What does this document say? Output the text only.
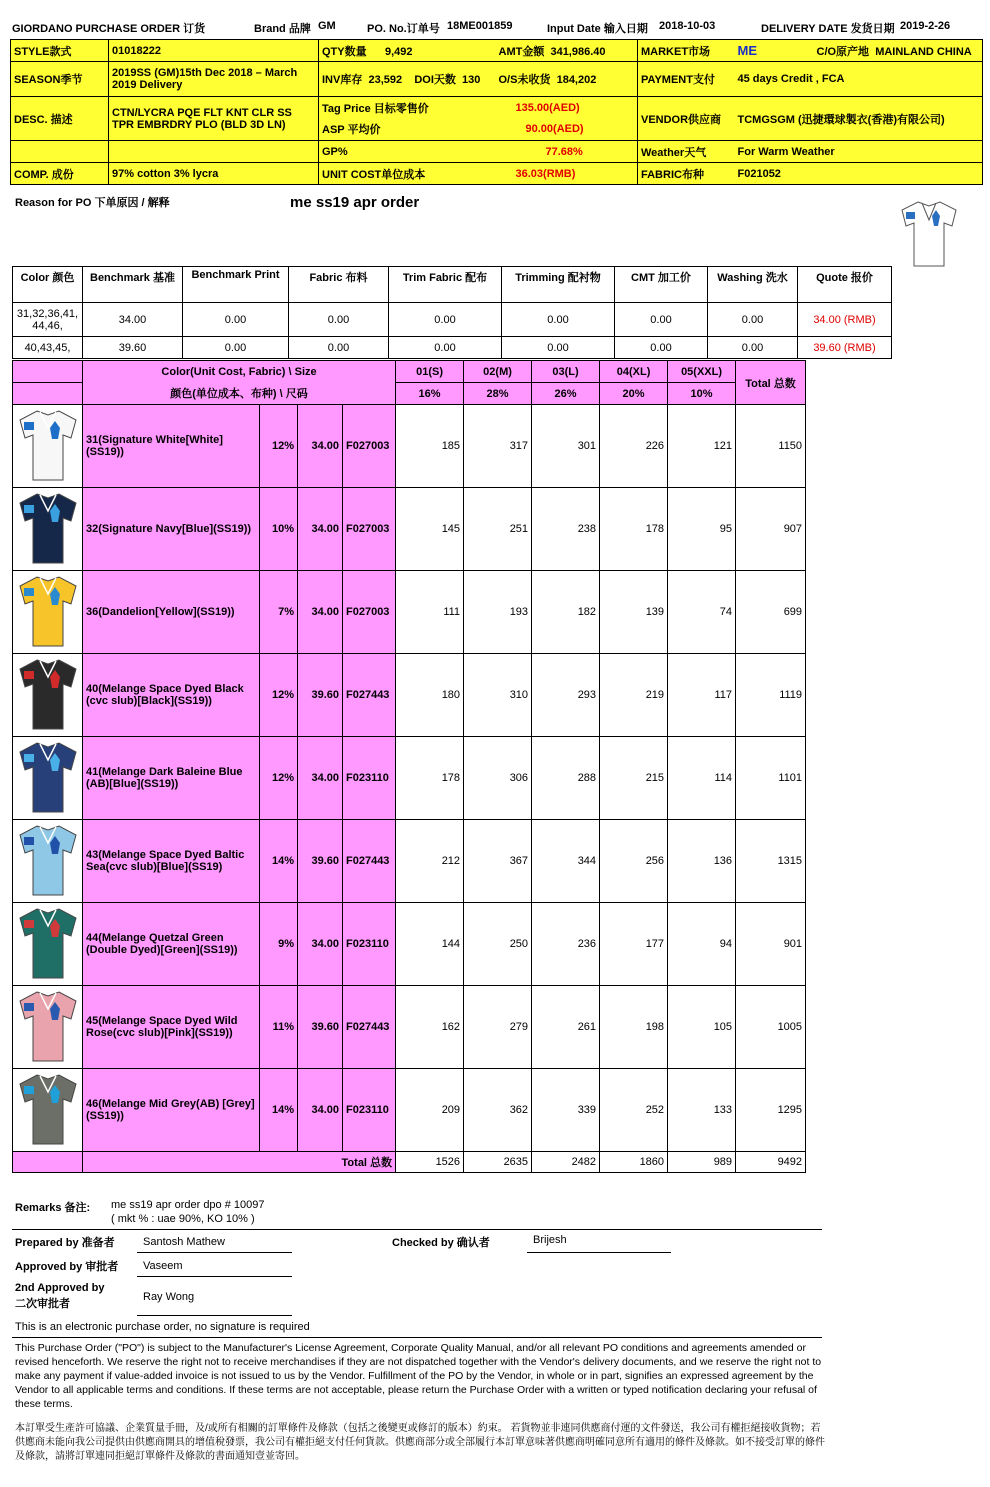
GIORDANO PURCHASE ORDER 订货	Brand 品牌 GM	PO. No.订单号 18ME001859	Input Date 输入日期 2018-10-03	DELIVERY DATE 发货日期 2019-2-26
STYLE款式	01018222	QTY数量 9,492	AMT金额 341,986.40	MARKET市场	ME	C/O原产地 MAINLAND CHINA
SEASON季节	2019SS (GM)15th Dec 2018 – March 2019 Delivery	INV库存 23,592 DOI天数 130	O/S未收货 184,202	PAYMENT支付	45 days Credit , FCA	
DESC. 描述	CTN/LYCRA PQE FLT KNT CLR SS TPR EMBRDRY PLO (BLD 3D LN)	Tag Price 目标零售价	135.00(AED)	VENDOR供应商	TCMGSGM (迅捷環球製衣(香港)有限公司)	
		ASP 平均价	90.00(AED)			
		GP%	77.68%	Weather天气	For Warm Weather	
COMP. 成份	97% cotton 3% lycra	UNIT COST单位成本	36.03(RMB)	FABRIC布种	F021052	
Reason for PO 下单原因 / 解释	me ss19 apr order
Color 颜色	Benchmark 基准	Benchmark Print	Fabric 布料	Trim Fabric 配布	Trimming 配衬物	CMT 加工价	Washing 洗水	Quote 报价
31,32,36,41, 44,46,	34.00	0.00	0.00	0.00	0.00	0.00	0.00	34.00 (RMB)
40,43,45,	39.60	0.00	0.00	0.00	0.00	0.00	0.00	39.60 (RMB)
	Color(Unit Cost, Fabric) \ Size				01(S)	02(M)	03(L)	04(XL)	05(XXL)	Total 总数
	颜色(单位成本、布种) \ 尺码				16%	28%	26%	20%	10%	
	31(Signature White[White](SS19))	12%	34.00	F027003	185	317	301	226	121	1150
	32(Signature Navy[Blue](SS19))	10%	34.00	F027003	145	251	238	178	95	907
	36(Dandelion[Yellow](SS19))	7%	34.00	F027003	111	193	182	139	74	699
	40(Melange Space Dyed Black (cvc slub)[Black](SS19))	12%	39.60	F027443	180	310	293	219	117	1119
	41(Melange Dark Baleine Blue (AB)[Blue](SS19))	12%	34.00	F023110	178	306	288	215	114	1101
	43(Melange Space Dyed Baltic Sea(cvc slub)[Blue](SS19)	14%	39.60	F027443	212	367	344	256	136	1315
	44(Melange Quetzal Green (Double Dyed)[Green](SS19))	9%	34.00	F023110	144	250	236	177	94	901
	45(Melange Space Dyed Wild Rose(cvc slub)[Pink](SS19))	11%	39.60	F027443	162	279	261	198	105	1005
	46(Melange Mid Grey(AB) [Grey](SS19))	14%	34.00	F023110	209	362	339	252	133	1295
	Total 总数				1526	2635	2482	1860	989	9492
Remarks 备注: me ss19 apr order dpo # 10097
( mkt % : uae 90%, KO 10% )
Prepared by 准备者	Santosh Mathew	Checked by 确认者	Brijesh
Approved by 审批者 Vaseem
2nd Approved by
二次审批者
Ray Wong
This is an electronic purchase order, no signature is required
This Purchase Order ("PO") is subject to the Manufacturer's License Agreement, Corporate Quality Manual, and/or all relevant PO conditions and agreements amended or revised henceforth. We reserve the right not to receive merchandises if they are not dispatched together with the Vendor's delivery documents, and we reserve the right not to make any payment if value-added invoice is not issued to us by the Vendor. Fulfillment of the PO by the Vendor, in whole or in part, signifies an expressed agreement by the Vendor to all applicable terms and conditions. If these terms are not acceptable, please return the Purchase Order with a written or typed notification declaring your refusal of these terms.
本訂單受生產許可協議、企業質量手冊，及/或所有相關的訂單條件及條款（包括之後變更或修訂的版本）約束。 若貨物並非連同供應商付運的文件發送，我公司有權拒絕接收貨物；若供應商未能向我公司提供由供應商開具的增值稅發票，我公司有權拒絕支付任何貨款。供應商部分或全部履行本訂單意味著供應商明確同意所有適用的條件及條款。如不接受訂單的條件及條款，請將訂單連同拒絕訂單條件及條款的書面通知壹並寄回。
